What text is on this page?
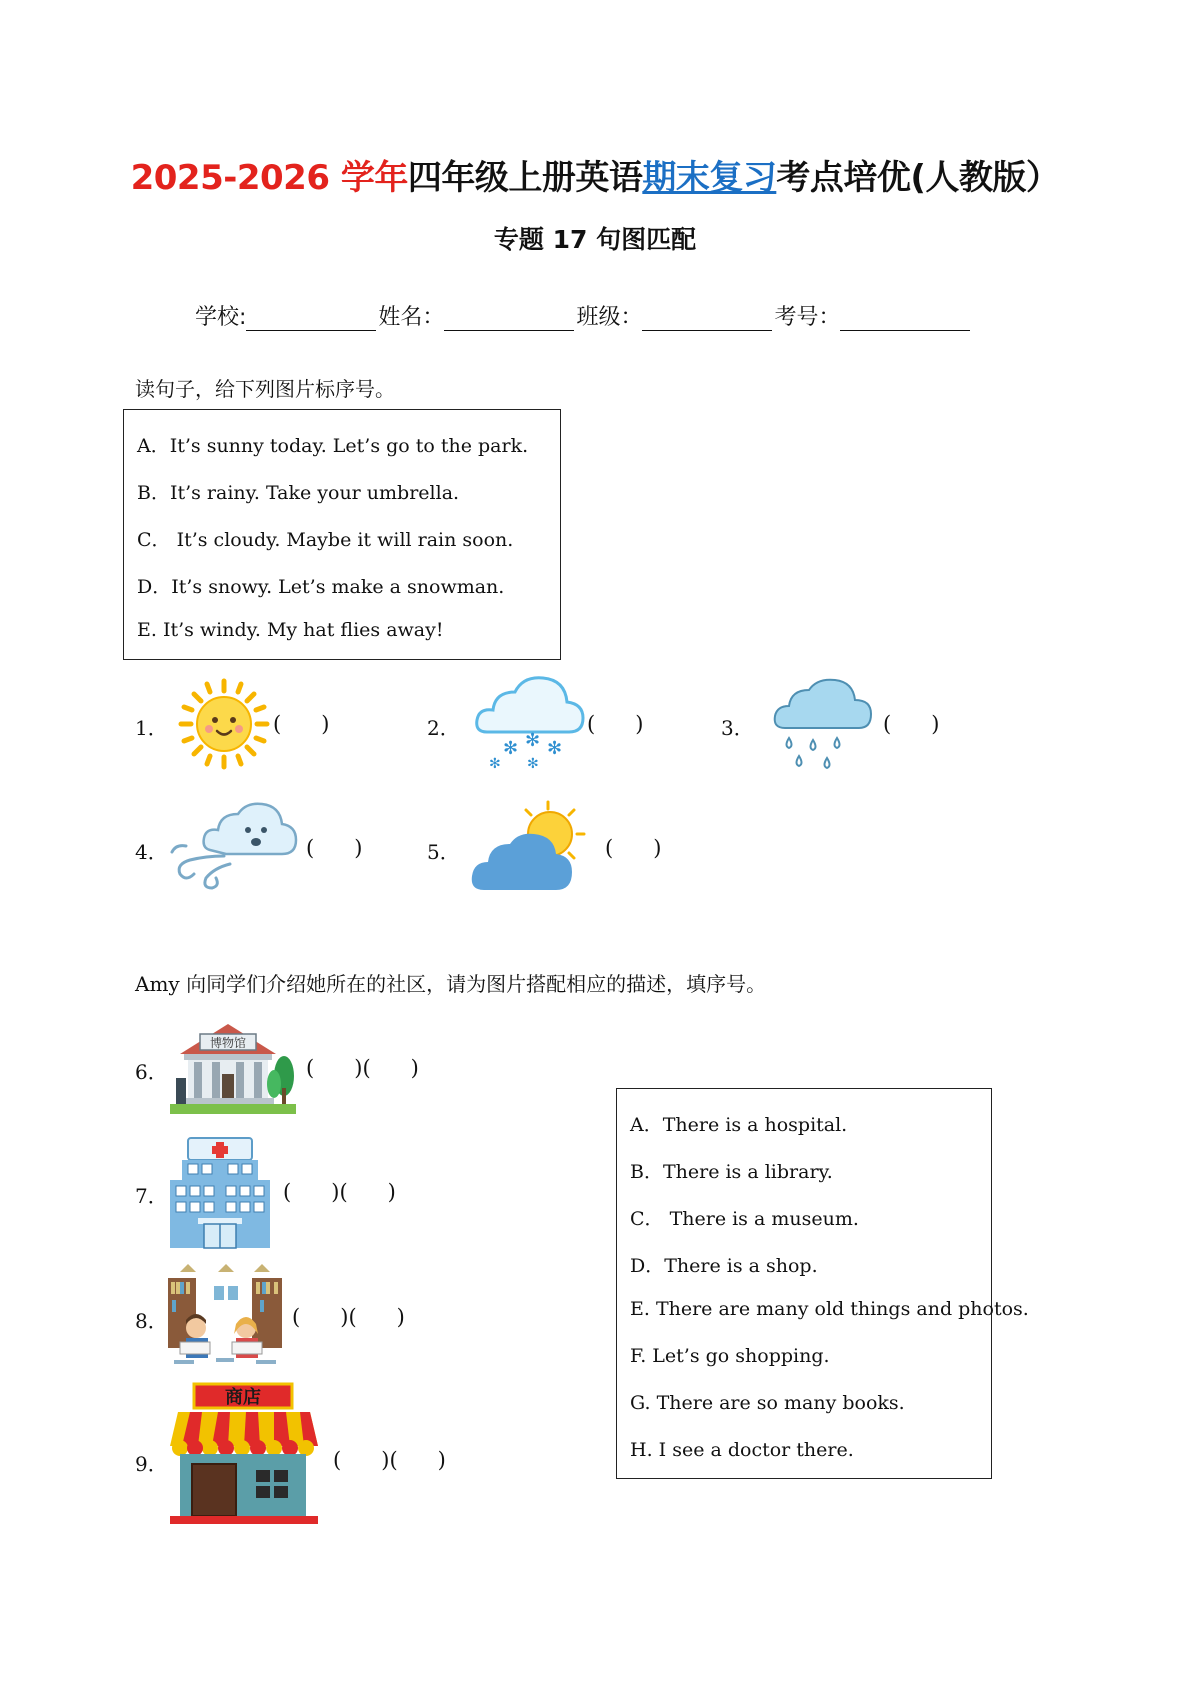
2025-2026 学年四年级上册英语期末复习考点培优(人教版）
专题 17 句图匹配
学校:	姓名：	班级：	考号：
读句子，给下列图片标序号。
A．It’s sunny today. Let’s go to the park.
B．It’s rainy. Take your umbrella.
C． It’s cloudy. Maybe it will rain soon.
D．It’s snowy. Let’s make a snowman.
E. It’s windy. My hat flies away!
1．	(      )	2．
✻ ✻ ✻
✻ ✻
(      )	3．	(      )
4．	(      )	5．	(      )
Amy 向同学们介绍她所在的社区，请为图片搭配相应的描述，填序号。
6．
博物馆
(      )(      )
7．	(      )(      )
8．	(      )(      )
9．
商店
(      )(      )
A．There is a hospital.
B．There is a library.
C． There is a museum.
D．There is a shop.
E. There are many old things and photos.
F. Let’s go shopping.
G. There are so many books.
H. I see a doctor there.
